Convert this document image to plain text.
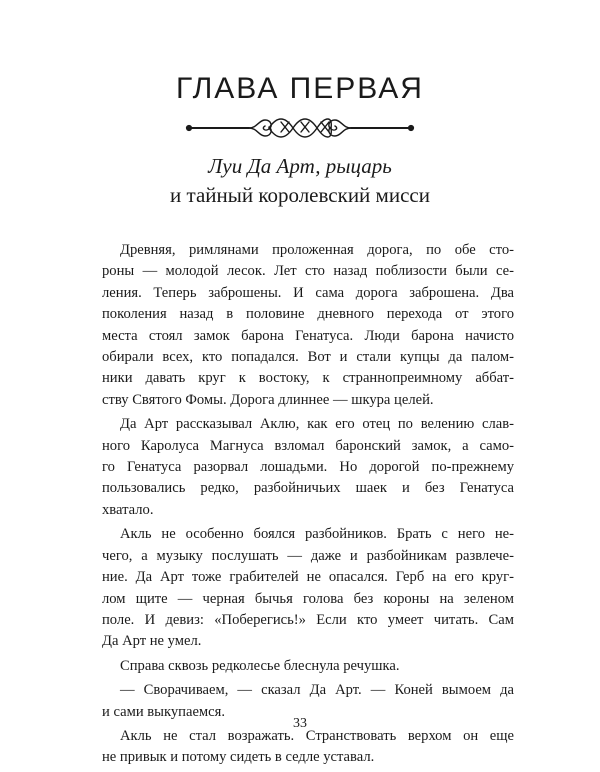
ГЛАВА ПЕРВАЯ
Луи Да Арт, рыцарь
и тайный королевский мисси

Древняя, римлянами проложенная дорога, по обе сто-
роны — молодой лесок. Лет сто назад поблизости были се-
ления. Теперь заброшены. И сама дорога заброшена. Два
поколения назад в половине дневного перехода от этого
места стоял замок барона Генатуса. Люди барона начисто
обирали всех, кто попадался. Вот и стали купцы да палом-
ники давать круг к востоку, к страннопреимному аббат-
ству Святого Фомы. Дорога длиннее — шкура целей.

Да Арт рассказывал Аклю, как его отец по велению слав-
ного Каролуса Магнуса взломал баронский замок, а само-
го Генатуса разорвал лошадьми. Но дорогой по-прежнему
пользовались редко, разбойничьих шаек и без Генатуса
хватало.

Акль не особенно боялся разбойников. Брать с него не-
чего, а музыку послушать — даже и разбойникам развлече-
ние. Да Арт тоже грабителей не опасался. Герб на его круг-
лом щите — черная бычья голова без короны на зеленом
поле. И девиз: «Поберегись!» Если кто умеет читать. Сам
Да Арт не умел.

Справа сквозь редколесье блеснула речушка.

— Сворачиваем, — сказал Да Арт. — Коней вымоем да
и сами выкупаемся.

Акль не стал возражать. Странствовать верхом он еще
не привык и потому сидеть в седле уставал.

33
